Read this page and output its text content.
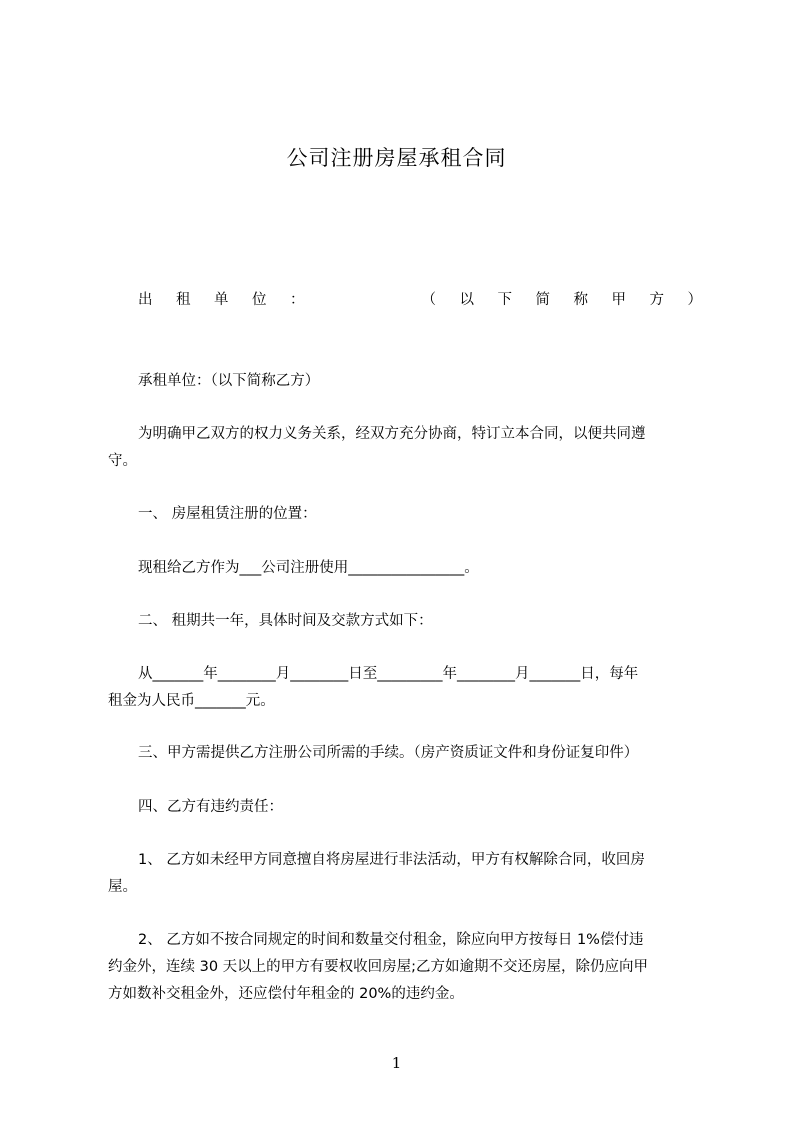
公司注册房屋承租合同
出 租 单 位 ：	（ 以 下 简 称 甲 方 ）
承租单位：（以下简称乙方）
为明确甲乙双方的权力义务关系，经双方充分协商，特订立本合同，以便共同遵
守。
一、 房屋租赁注册的位置：
现租给乙方作为___公司注册使用________________。
二、 租期共一年，具体时间及交款方式如下：
从_______年________月________日至_________年________月_______日，每年
租金为人民币_______元。
三、甲方需提供乙方注册公司所需的手续。（房产资质证文件和身份证复印件）
四、乙方有违约责任：
1、 乙方如未经甲方同意擅自将房屋进行非法活动，甲方有权解除合同，收回房
屋。
2、 乙方如不按合同规定的时间和数量交付租金，除应向甲方按每日 1%偿付违
约金外，连续 30 天以上的甲方有要权收回房屋;乙方如逾期不交还房屋，除仍应向甲
方如数补交租金外，还应偿付年租金的 20%的违约金。
1
